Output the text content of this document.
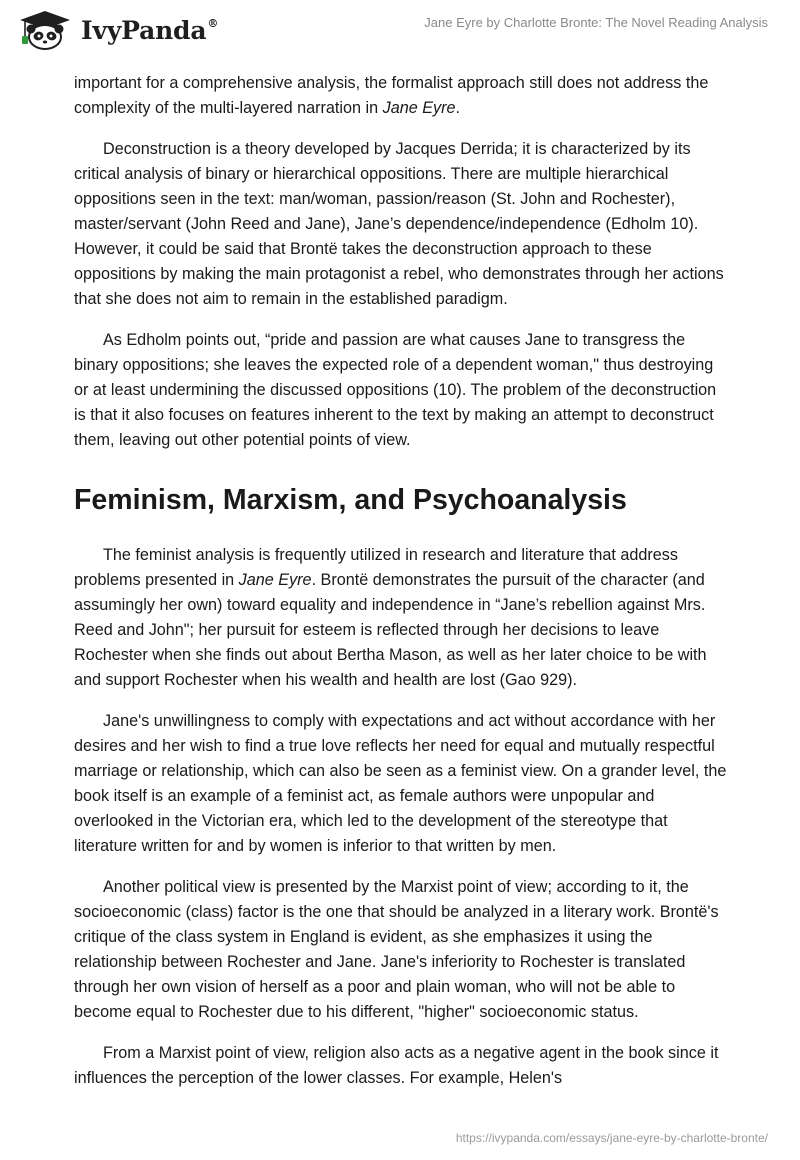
IvyPanda®	Jane Eyre by Charlotte Bronte: The Novel Reading Analysis

important for a comprehensive analysis, the formalist approach still does not address the complexity of the multi-layered narration in Jane Eyre.

Deconstruction is a theory developed by Jacques Derrida; it is characterized by its critical analysis of binary or hierarchical oppositions. There are multiple hierarchical oppositions seen in the text: man/woman, passion/reason (St. John and Rochester), master/servant (John Reed and Jane), Jane’s dependence/independence (Edholm 10). However, it could be said that Brontë takes the deconstruction approach to these oppositions by making the main protagonist a rebel, who demonstrates through her actions that she does not aim to remain in the established paradigm.

As Edholm points out, “pride and passion are what causes Jane to transgress the binary oppositions; she leaves the expected role of a dependent woman," thus destroying or at least undermining the discussed oppositions (10). The problem of the deconstruction is that it also focuses on features inherent to the text by making an attempt to deconstruct them, leaving out other potential points of view.

Feminism, Marxism, and Psychoanalysis

The feminist analysis is frequently utilized in research and literature that address problems presented in Jane Eyre. Brontë demonstrates the pursuit of the character (and assumingly her own) toward equality and independence in “Jane’s rebellion against Mrs. Reed and John"; her pursuit for esteem is reflected through her decisions to leave Rochester when she finds out about Bertha Mason, as well as her later choice to be with and support Rochester when his wealth and health are lost (Gao 929).

Jane's unwillingness to comply with expectations and act without accordance with her desires and her wish to find a true love reflects her need for equal and mutually respectful marriage or relationship, which can also be seen as a feminist view. On a grander level, the book itself is an example of a feminist act, as female authors were unpopular and overlooked in the Victorian era, which led to the development of the stereotype that literature written for and by women is inferior to that written by men.

Another political view is presented by the Marxist point of view; according to it, the socioeconomic (class) factor is the one that should be analyzed in a literary work. Brontë's critique of the class system in England is evident, as she emphasizes it using the relationship between Rochester and Jane. Jane's inferiority to Rochester is translated through her own vision of herself as a poor and plain woman, who will not be able to become equal to Rochester due to his different, "higher" socioeconomic status.

From a Marxist point of view, religion also acts as a negative agent in the book since it influences the perception of the lower classes. For example, Helen's

https://ivypanda.com/essays/jane-eyre-by-charlotte-bronte/
